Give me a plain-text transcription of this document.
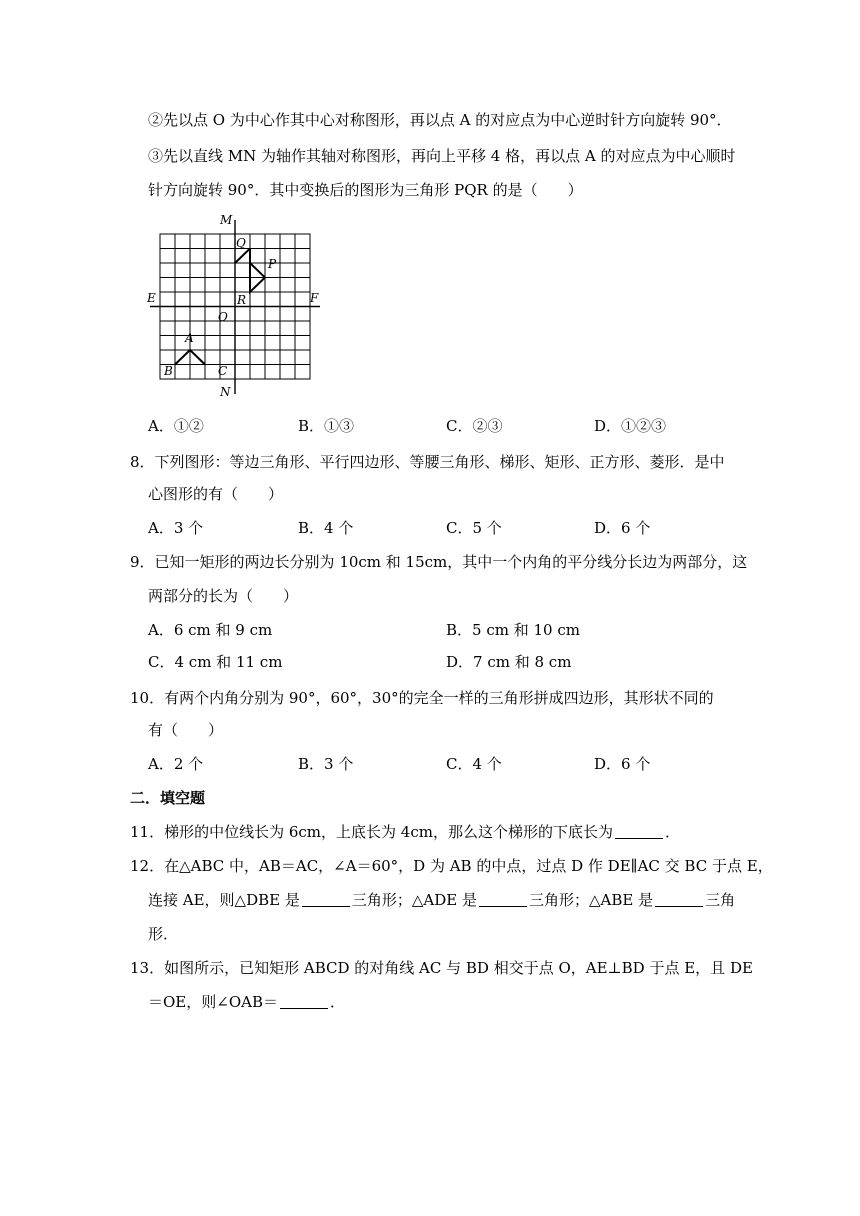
②先以点 O 为中心作其中心对称图形，再以点 A 的对应点为中心逆时针方向旋转 90°．
③先以直线 MN 为轴作其轴对称图形，再向上平移 4 格，再以点 A 的对应点为中心顺时
针方向旋转 90°．其中变换后的图形为三角形 PQR 的是（　　）
M
N
E	F
O
Q
P
R
A
B	C
A．①②	B．①③	C．②③	D．①②③
8．下列图形：等边三角形、平行四边形、等腰三角形、梯形、矩形、正方形、菱形．是中
心图形的有（　　）
A．3 个	B．4 个	C．5 个	D．6 个
9．已知一矩形的两边长分别为 10cm 和 15cm，其中一个内角的平分线分长边为两部分，这
两部分的长为（　　）
A．6 cm 和 9 cm	B．5 cm 和 10 cm
C．4 cm 和 11 cm	D．7 cm 和 8 cm
10．有两个内角分别为 90°，60°，30°的完全一样的三角形拼成四边形，其形状不同的
有（　　）
A．2 个	B．3 个	C．4 个	D．6 个
二．填空题
11．梯形的中位线长为 6cm，上底长为 4cm，那么这个梯形的下底长为	．
12．在△ABC 中，AB＝AC，∠A＝60°，D 为 AB 的中点，过点 D 作 DE∥AC 交 BC 于点 E，
连接 AE，则△DBE 是	三角形；△ADE 是	三角形；△ABE 是	三角
形．
13．如图所示，已知矩形 ABCD 的对角线 AC 与 BD 相交于点 O，AE⊥BD 于点 E，且 DE
＝OE，则∠OAB＝	．
